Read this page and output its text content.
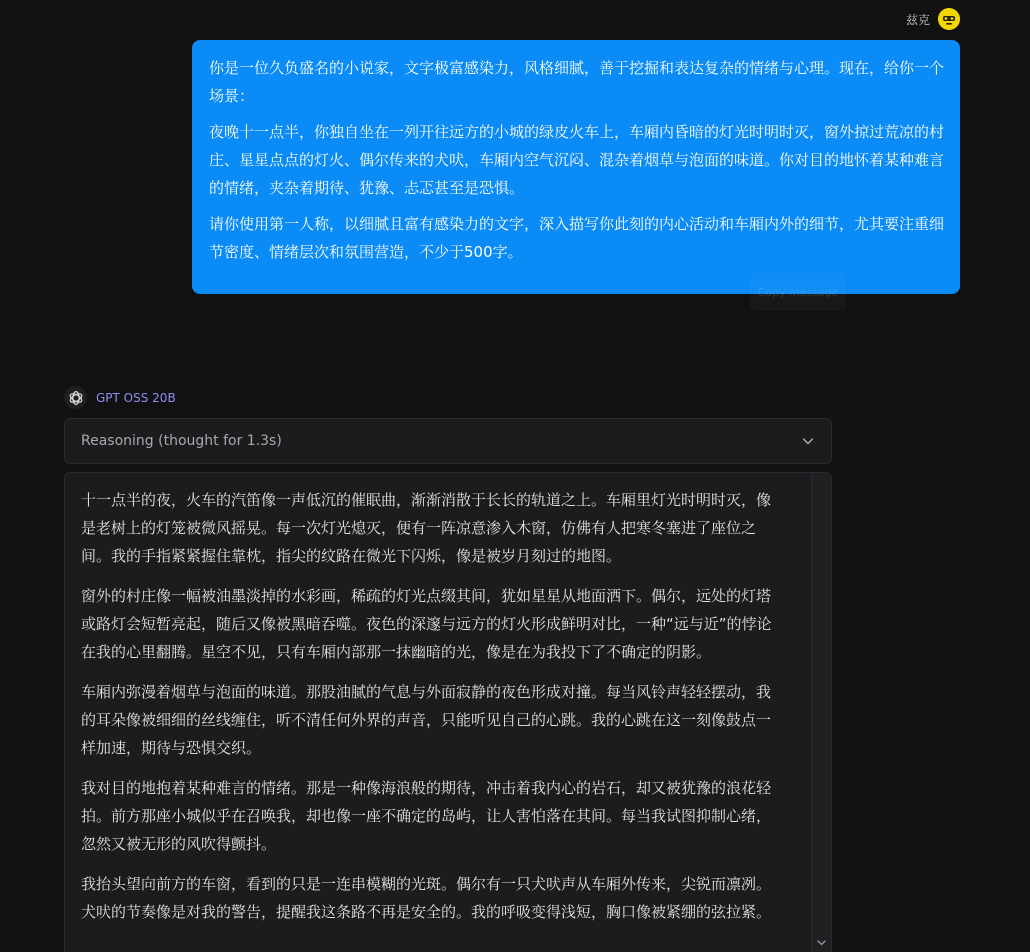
兹克

你是一位久负盛名的小说家，文字极富感染力，风格细腻，善于挖掘和表达复杂的情绪与心理。现在，给你一个场景：

夜晚十一点半，你独自坐在一列开往远方的小城的绿皮火车上，车厢内昏暗的灯光时明时灭，窗外掠过荒凉的村庄、星星点点的灯火、偶尔传来的犬吠，车厢内空气沉闷、混杂着烟草与泡面的味道。你对目的地怀着某种难言的情绪，夹杂着期待、犹豫、忐忑甚至是恐惧。

请你使用第一人称，以细腻且富有感染力的文字，深入描写你此刻的内心活动和车厢内外的细节，尤其要注重细节密度、情绪层次和氛围营造，不少于500字。

Copy message
GPT OSS 20B
Reasoning (thought for 1.3s)

十一点半的夜，火车的汽笛像一声低沉的催眠曲，渐渐消散于长长的轨道之上。车厢里灯光时明时灭，像是老树上的灯笼被微风摇晃。每一次灯光熄灭，便有一阵凉意渗入木窗，仿佛有人把寒冬塞进了座位之间。我的手指紧紧握住靠枕，指尖的纹路在微光下闪烁，像是被岁月刻过的地图。

窗外的村庄像一幅被油墨淡掉的水彩画，稀疏的灯光点缀其间，犹如星星从地面洒下。偶尔，远处的灯塔或路灯会短暂亮起，随后又像被黑暗吞噬。夜色的深邃与远方的灯火形成鲜明对比，一种“远与近”的悖论在我的心里翻腾。星空不见，只有车厢内部那一抹幽暗的光，像是在为我投下了不确定的阴影。

车厢内弥漫着烟草与泡面的味道。那股油腻的气息与外面寂静的夜色形成对撞。每当风铃声轻轻摆动，我的耳朵像被细细的丝线缠住，听不清任何外界的声音，只能听见自己的心跳。我的心跳在这一刻像鼓点一样加速，期待与恐惧交织。

我对目的地抱着某种难言的情绪。那是一种像海浪般的期待，冲击着我内心的岩石，却又被犹豫的浪花轻拍。前方那座小城似乎在召唤我，却也像一座不确定的岛屿，让人害怕落在其间。每当我试图抑制心绪，忽然又被无形的风吹得颤抖。

我抬头望向前方的车窗，看到的只是一连串模糊的光斑。偶尔有一只犬吠声从车厢外传来，尖锐而凛冽。犬吠的节奏像是对我的警告，提醒我这条路不再是安全的。我的呼吸变得浅短，胸口像被紧绷的弦拉紧。
